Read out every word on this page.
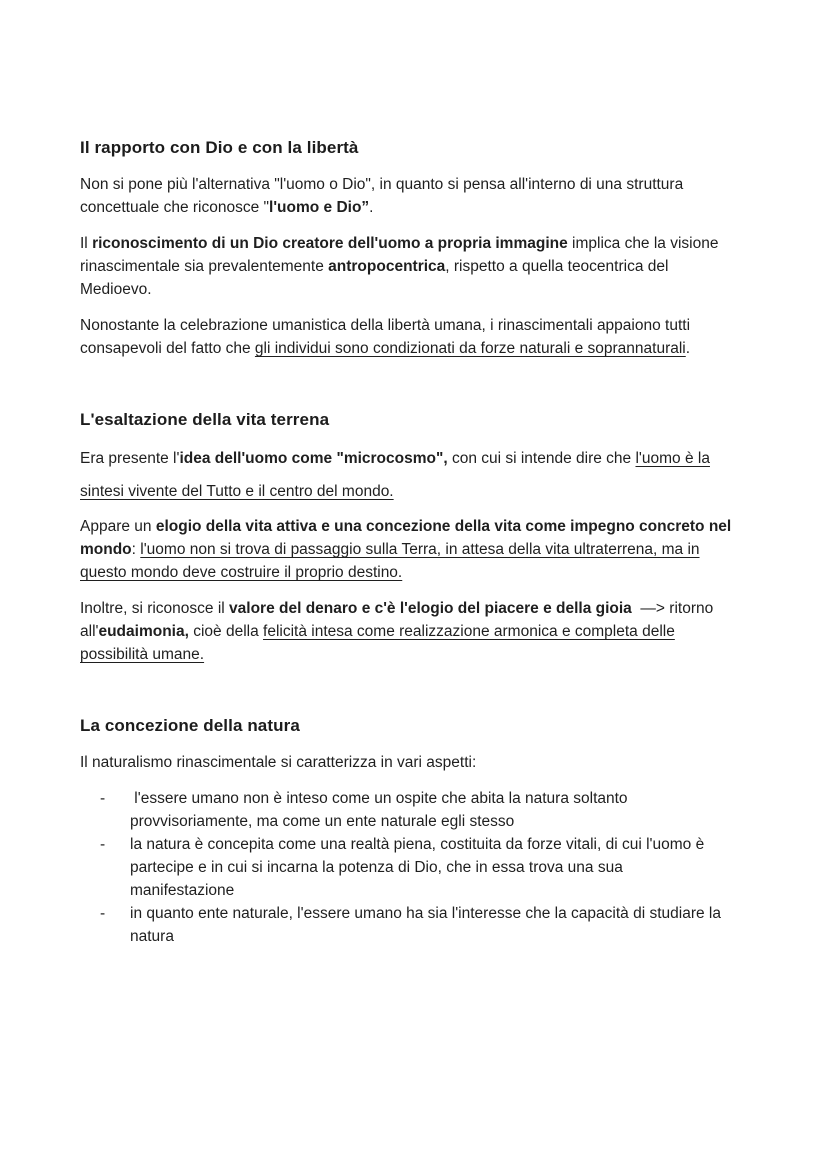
Il rapporto con Dio e con la libertà

Non si pone più l'alternativa "l'uomo o Dio", in quanto si pensa all'interno di una struttura
concettuale che riconosce "l'uomo e Dio”.

Il riconoscimento di un Dio creatore dell'uomo a propria immagine implica che la visione
rinascimentale sia prevalentemente antropocentrica, rispetto a quella teocentrica del
Medioevo.

Nonostante la celebrazione umanistica della libertà umana, i rinascimentali appaiono tutti
consapevoli del fatto che gli individui sono condizionati da forze naturali e soprannaturali.

L'esaltazione della vita terrena

Era presente l'idea dell'uomo come "microcosmo", con cui si intende dire che l'uomo è la
sintesi vivente del Tutto e il centro del mondo.

Appare un elogio della vita attiva e una concezione della vita come impegno concreto nel
mondo: l'uomo non si trova di passaggio sulla Terra, in attesa della vita ultraterrena, ma in
questo mondo deve costruire il proprio destino.

Inoltre, si riconosce il valore del denaro e c'è l'elogio del piacere e della gioia  —> ritorno
all'eudaimonia, cioè della felicità intesa come realizzazione armonica e completa delle
possibilità umane.

La concezione della natura

Il naturalismo rinascimentale si caratterizza in vari aspetti:

-	l'essere umano non è inteso come un ospite che abita la natura soltanto
provvisoriamente, ma come un ente naturale egli stesso
-	la natura è concepita come una realtà piena, costituita da forze vitali, di cui l'uomo è
partecipe e in cui si incarna la potenza di Dio, che in essa trova una sua
manifestazione
-	in quanto ente naturale, l'essere umano ha sia l'interesse che la capacità di studiare la
natura
